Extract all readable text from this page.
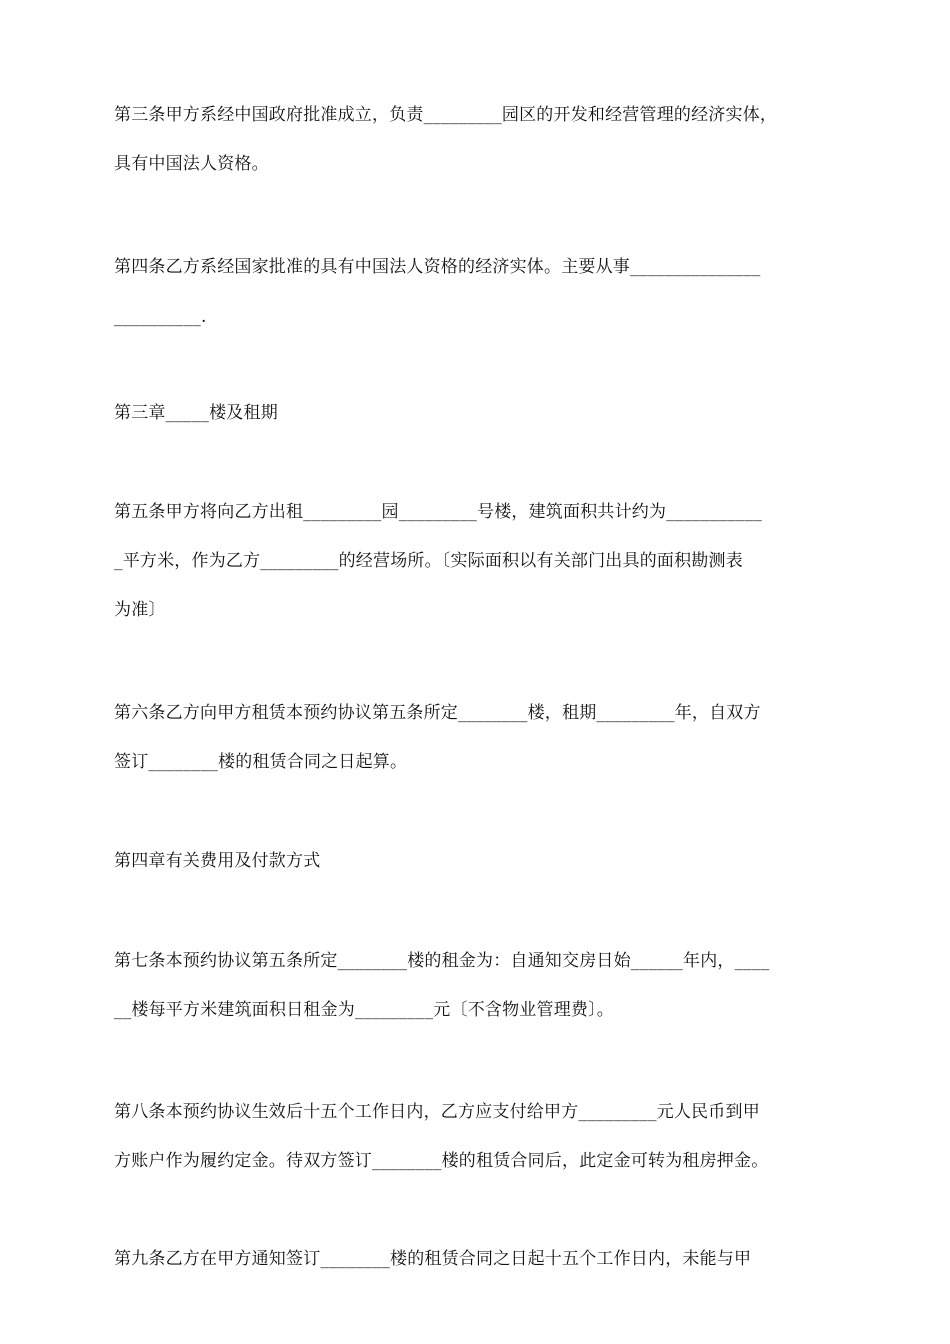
第三条甲方系经中国政府批准成立，负责_________园区的开发和经营管理的经济实体，
具有中国法人资格。
第四条乙方系经国家批准的具有中国法人资格的经济实体。主要从事_______________
__________.
第三章_____楼及租期
第五条甲方将向乙方出租_________园_________号楼，建筑面积共计约为___________
_平方米，作为乙方_________的经营场所。〔实际面积以有关部门出具的面积勘测表
为准〕
第六条乙方向甲方租赁本预约协议第五条所定________楼，租期_________年，自双方
签订________楼的租赁合同之日起算。
第四章有关费用及付款方式
第七条本预约协议第五条所定________楼的租金为：自通知交房日始______年内，____
__楼每平方米建筑面积日租金为_________元〔不含物业管理费〕。
第八条本预约协议生效后十五个工作日内，乙方应支付给甲方_________元人民币到甲
方账户作为履约定金。待双方签订________楼的租赁合同后，此定金可转为租房押金。
第九条乙方在甲方通知签订________楼的租赁合同之日起十五个工作日内，未能与甲
